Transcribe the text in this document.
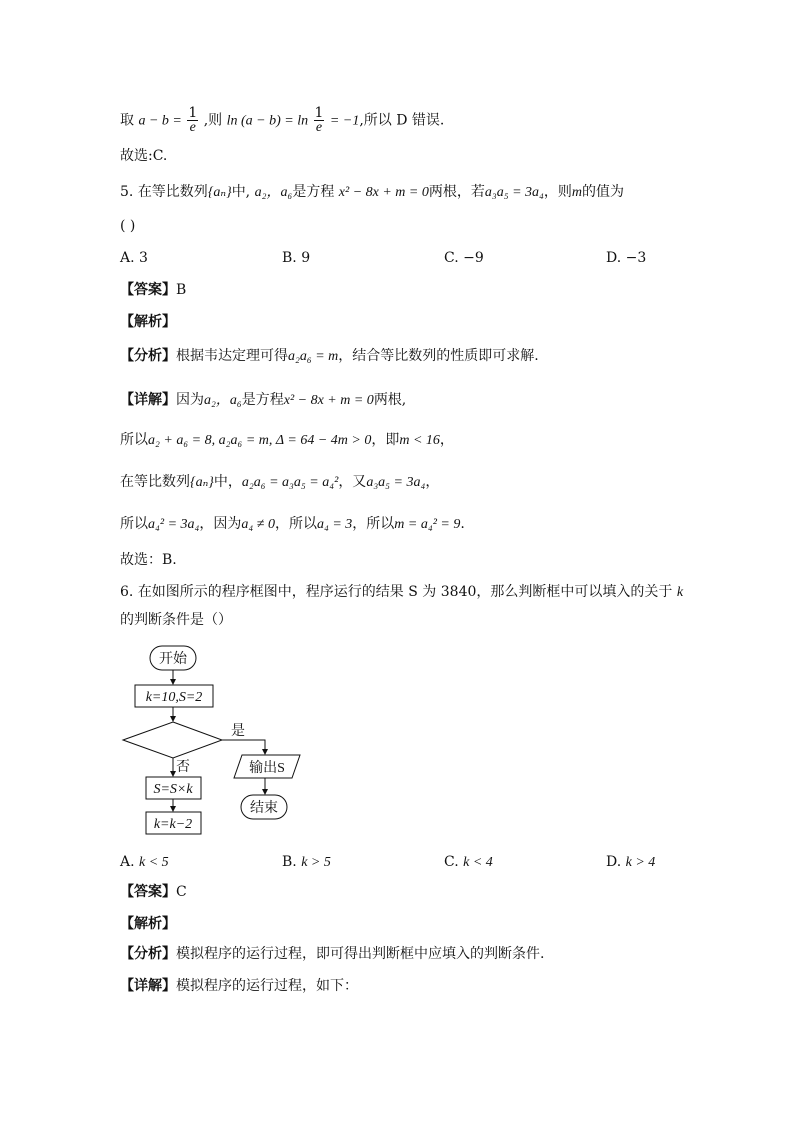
取 $a - b = \frac{1}{e}$ ,则 $\ln (a - b) = \ln \frac{1}{e} = -1$,所以 D 错误.
故选:C.
5. 在等比数列{aₙ}中, a₂，a₆是方程 x² − 8x + m = 0两根，若a₃a₅ = 3a₄，则m的值为
( )
A. 3	B. 9	C. −9	D. −3
【答案】B
【解析】
【分析】根据韦达定理可得a₂a₆ = m，结合等比数列的性质即可求解.
【详解】因为a₂，a₆是方程x² − 8x + m = 0两根,
所以a₂ + a₆ = 8, a₂a₆ = m, Δ = 64 − 4m > 0，即m < 16，
在等比数列{aₙ}中，a₂a₆ = a₃a₅ = a₄²，又a₃a₅ = 3a₄，
所以a₄² = 3a₄，因为a₄ ≠ 0，所以a₄ = 3，所以m = a₄² = 9.
故选：B.
6. 在如图所示的程序框图中，程序运行的结果 S 为 3840，那么判断框中可以填入的关于 k
的判断条件是（）
开始
k=10,S=2
是
输出S
结束
否
S=S×k
k=k−2
A. k < 5	B. k > 5	C. k < 4	D. k > 4
【答案】C
【解析】
【分析】模拟程序的运行过程，即可得出判断框中应填入的判断条件.
【详解】模拟程序的运行过程，如下：
